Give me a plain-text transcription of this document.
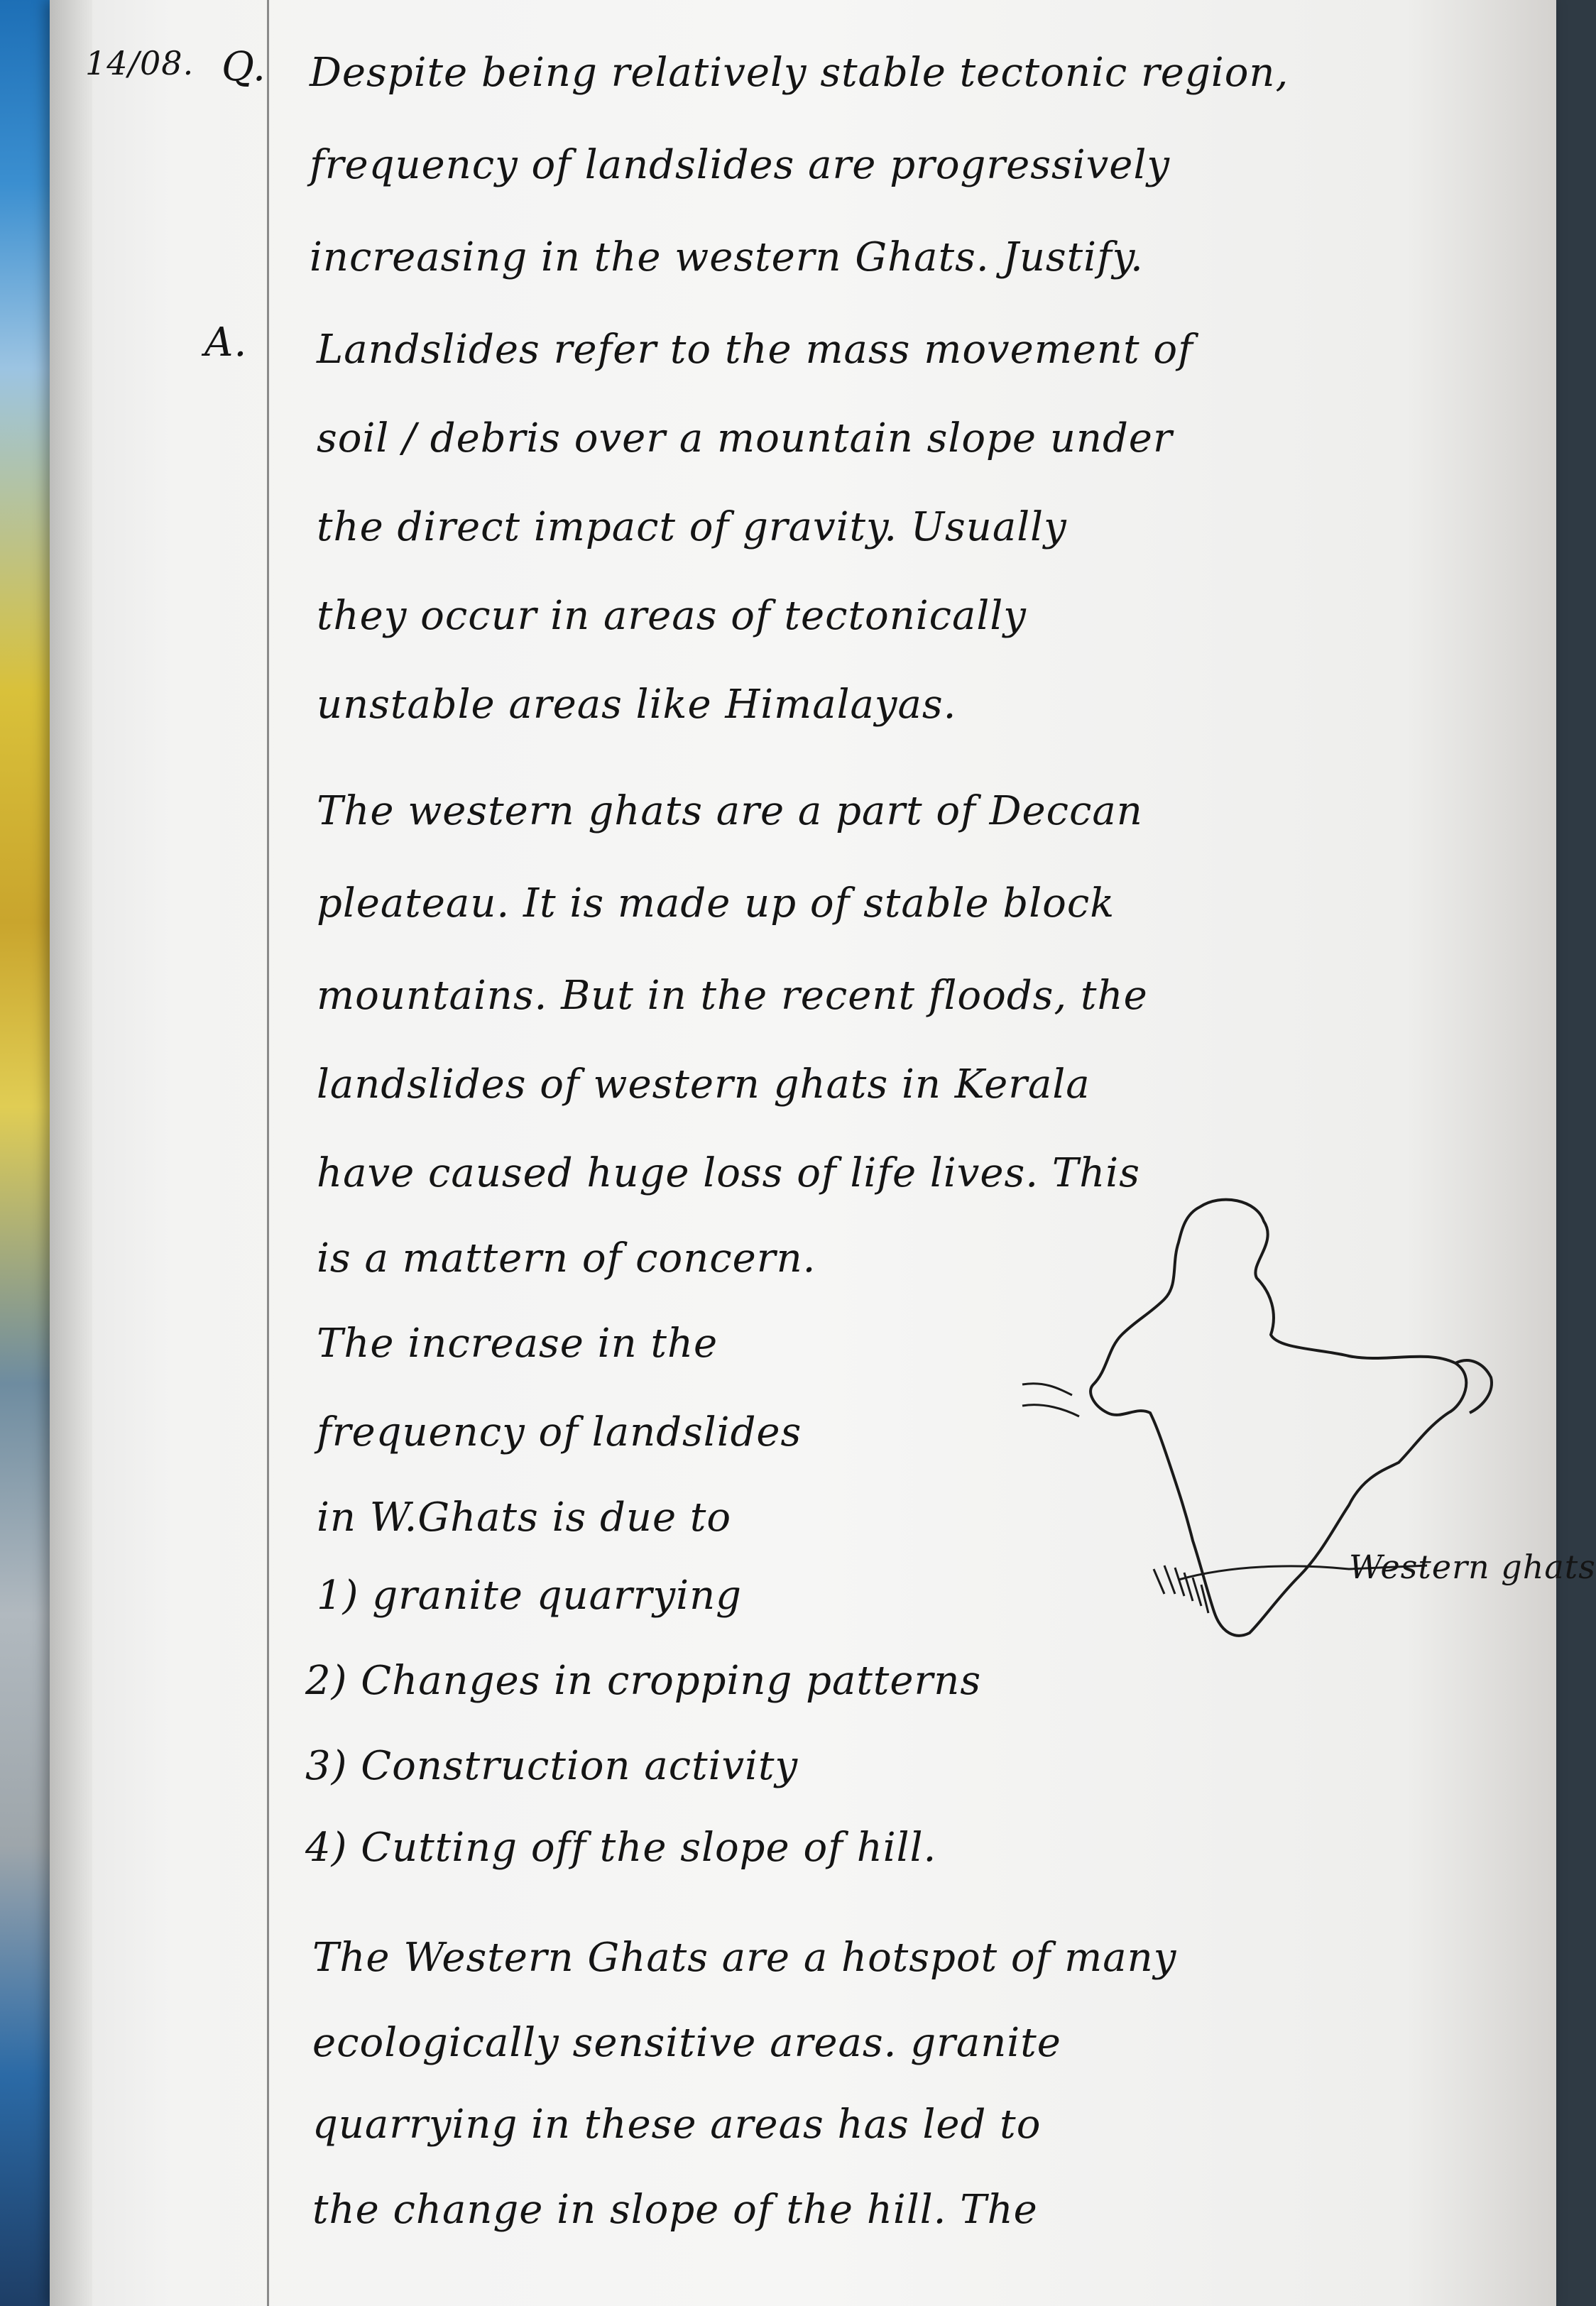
14/08. Q.
A.
Despite being relatively stable tectonic region,
frequency of landslides are progressively
increasing in the western Ghats. Justify.
Landslides refer to the mass movement of
soil / debris over a mountain slope under
the direct impact of gravity. Usually
they occur in areas of tectonically
unstable areas like Himalayas.
The western ghats are a part of Deccan
pleateau. It is made up of stable block
mountains. But in the recent floods, the
landslides of western ghats in Kerala
have caused huge loss of life lives. This
is a mattern of concern.
The increase in the
frequency of landslides
in W.Ghats is due to
1) granite quarrying
2) Changes in cropping patterns
3) Construction activity
4) Cutting off the slope of hill.
Western ghats
The Western Ghats are a hotspot of many
ecologically sensitive areas. granite
quarrying in these areas has led to
the change in slope of the hill. The
